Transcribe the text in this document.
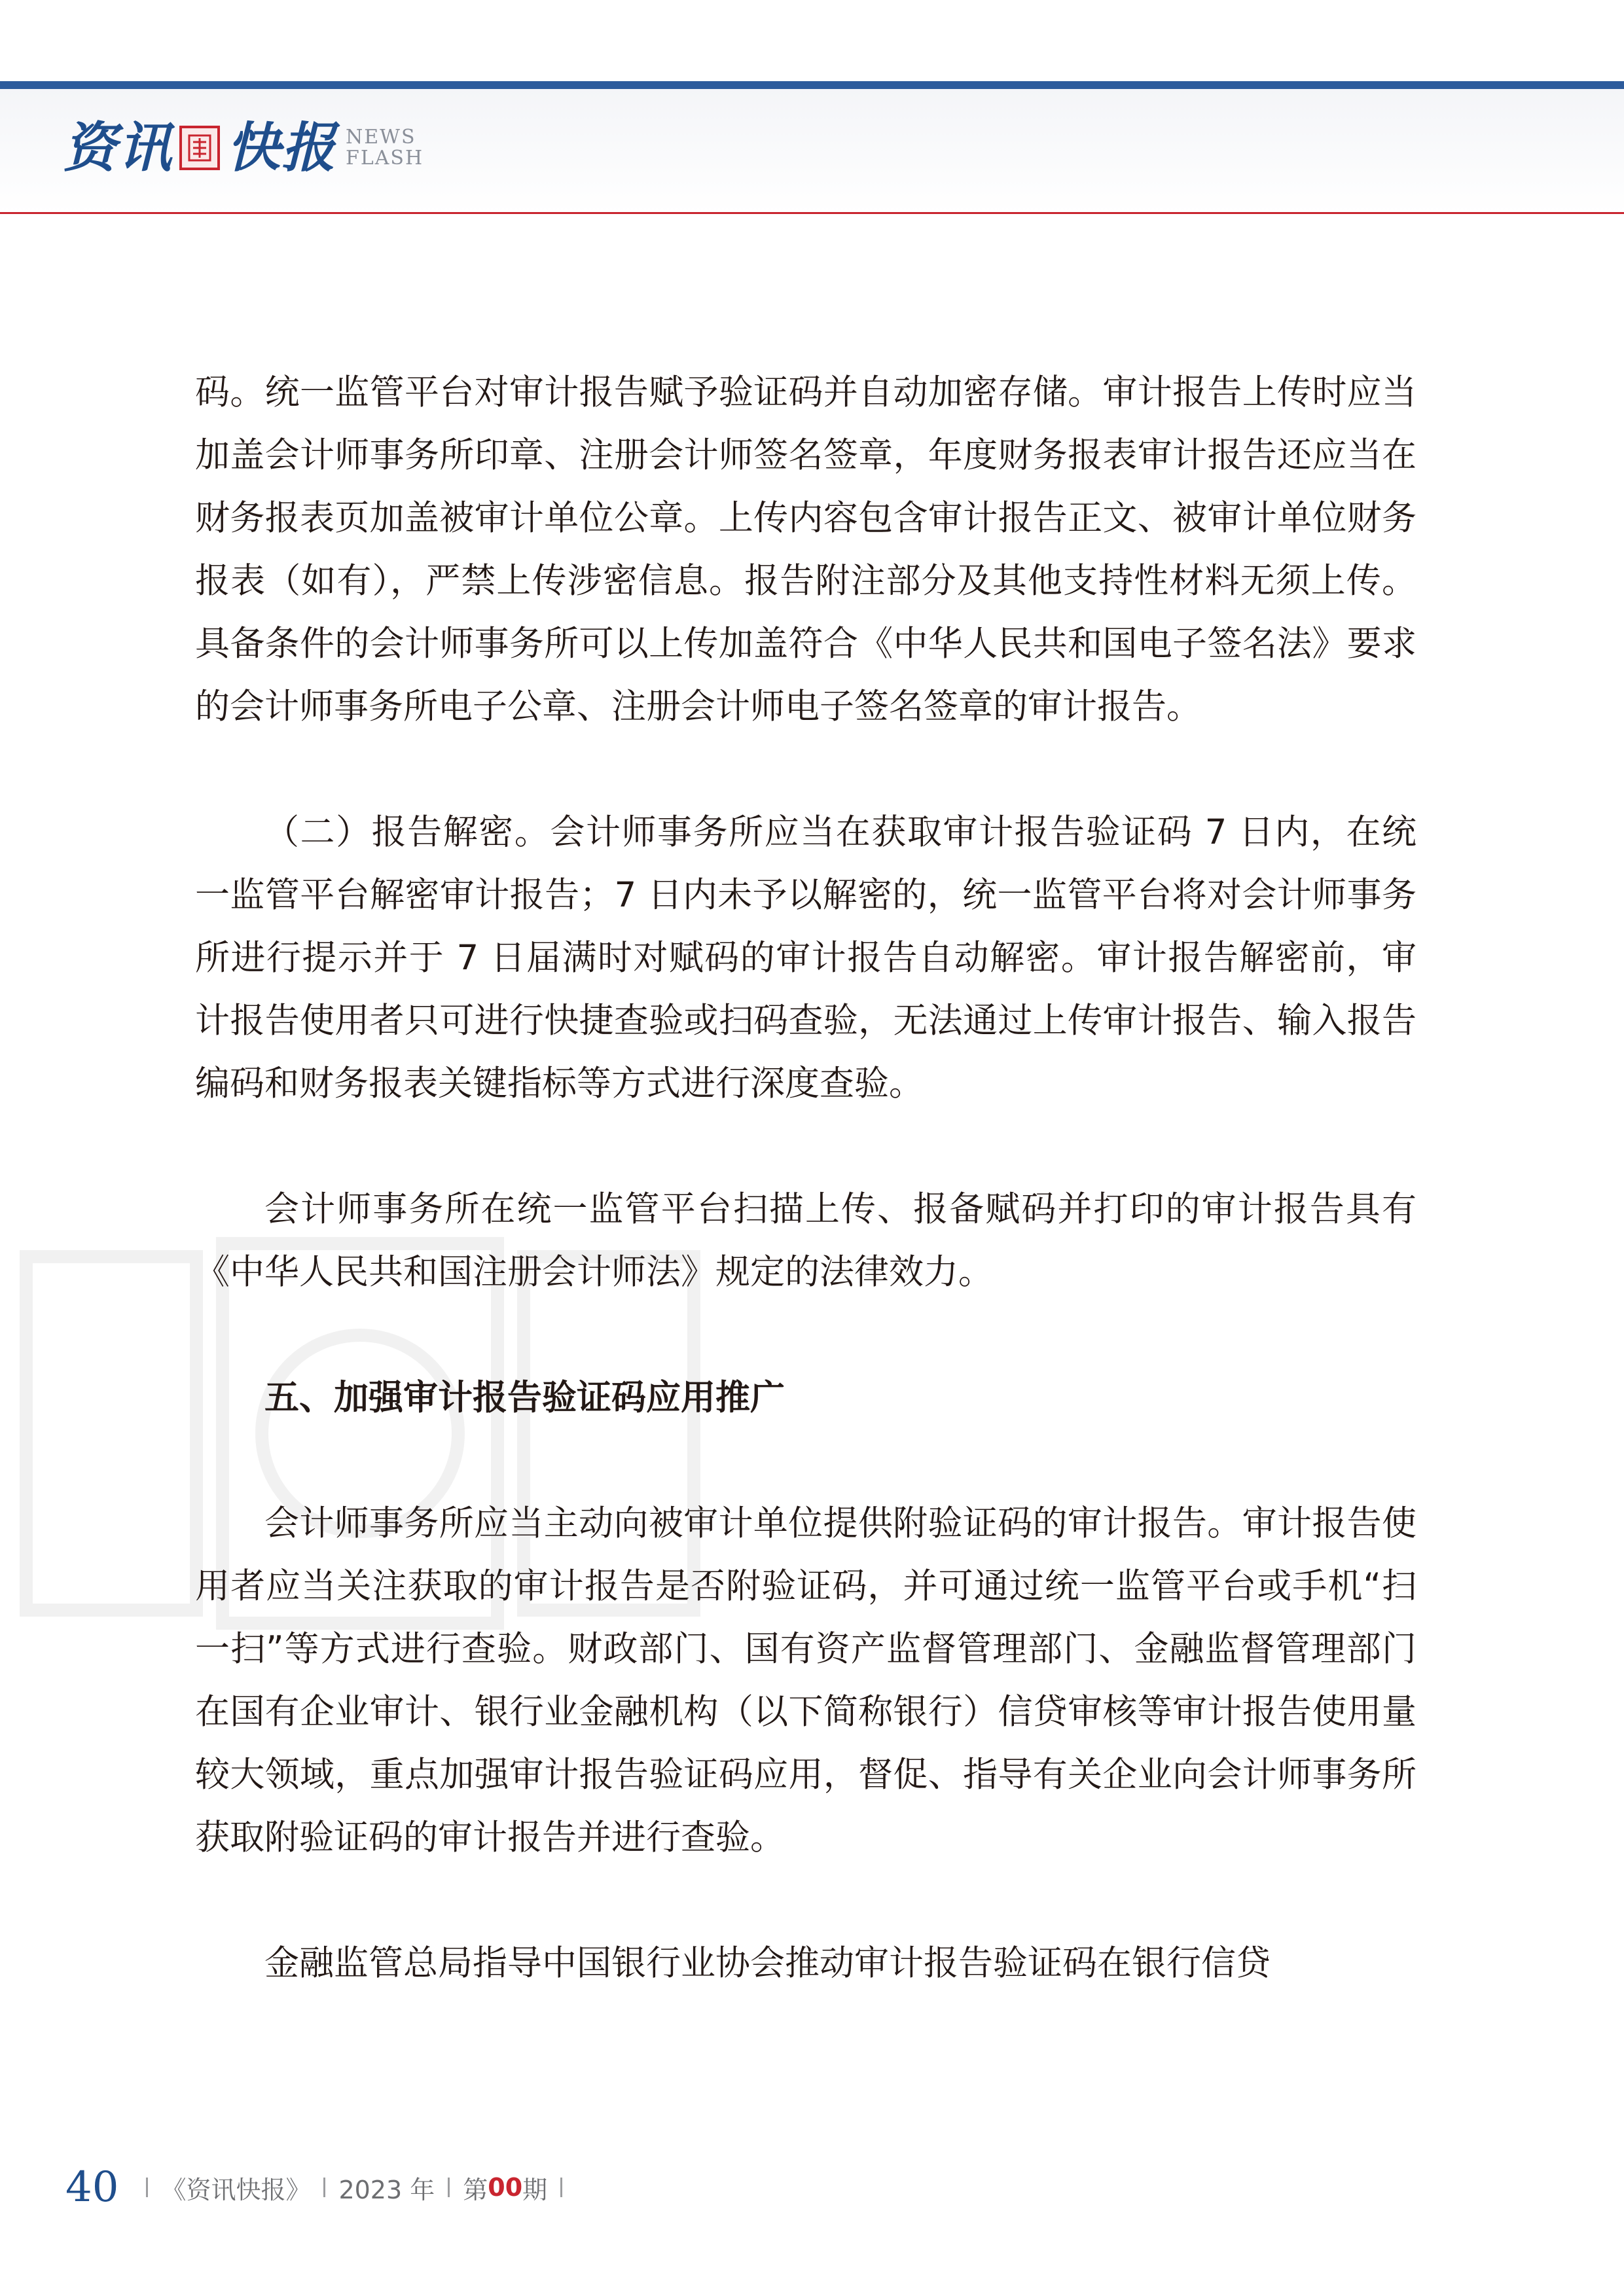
资讯 快报 NEWS
FLASH

码。统一监管平台对审计报告赋予验证码并自动加密存储。审计报告上传时应当加盖会计师事务所印章、注册会计师签名签章，年度财务报表审计报告还应当在财务报表页加盖被审计单位公章。上传内容包含审计报告正文、被审计单位财务报表（如有），严禁上传涉密信息。报告附注部分及其他支持性材料无须上传。具备条件的会计师事务所可以上传加盖符合《中华人民共和国电子签名法》要求的会计师事务所电子公章、注册会计师电子签名签章的审计报告。

（二）报告解密。会计师事务所应当在获取审计报告验证码 7 日内，在统一监管平台解密审计报告；7 日内未予以解密的，统一监管平台将对会计师事务所进行提示并于 7 日届满时对赋码的审计报告自动解密。审计报告解密前，审计报告使用者只可进行快捷查验或扫码查验，无法通过上传审计报告、输入报告编码和财务报表关键指标等方式进行深度查验。

会计师事务所在统一监管平台扫描上传、报备赋码并打印的审计报告具有《中华人民共和国注册会计师法》规定的法律效力。

五、加强审计报告验证码应用推广

会计师事务所应当主动向被审计单位提供附验证码的审计报告。审计报告使用者应当关注获取的审计报告是否附验证码，并可通过统一监管平台或手机“扫一扫”等方式进行查验。财政部门、国有资产监督管理部门、金融监督管理部门在国有企业审计、银行业金融机构（以下简称银行）信贷审核等审计报告使用量较大领域，重点加强审计报告验证码应用，督促、指导有关企业向会计师事务所获取附验证码的审计报告并进行查验。

金融监管总局指导中国银行业协会推动审计报告验证码在银行信贷

40 《资讯快报》 2023 年 第 00 期
